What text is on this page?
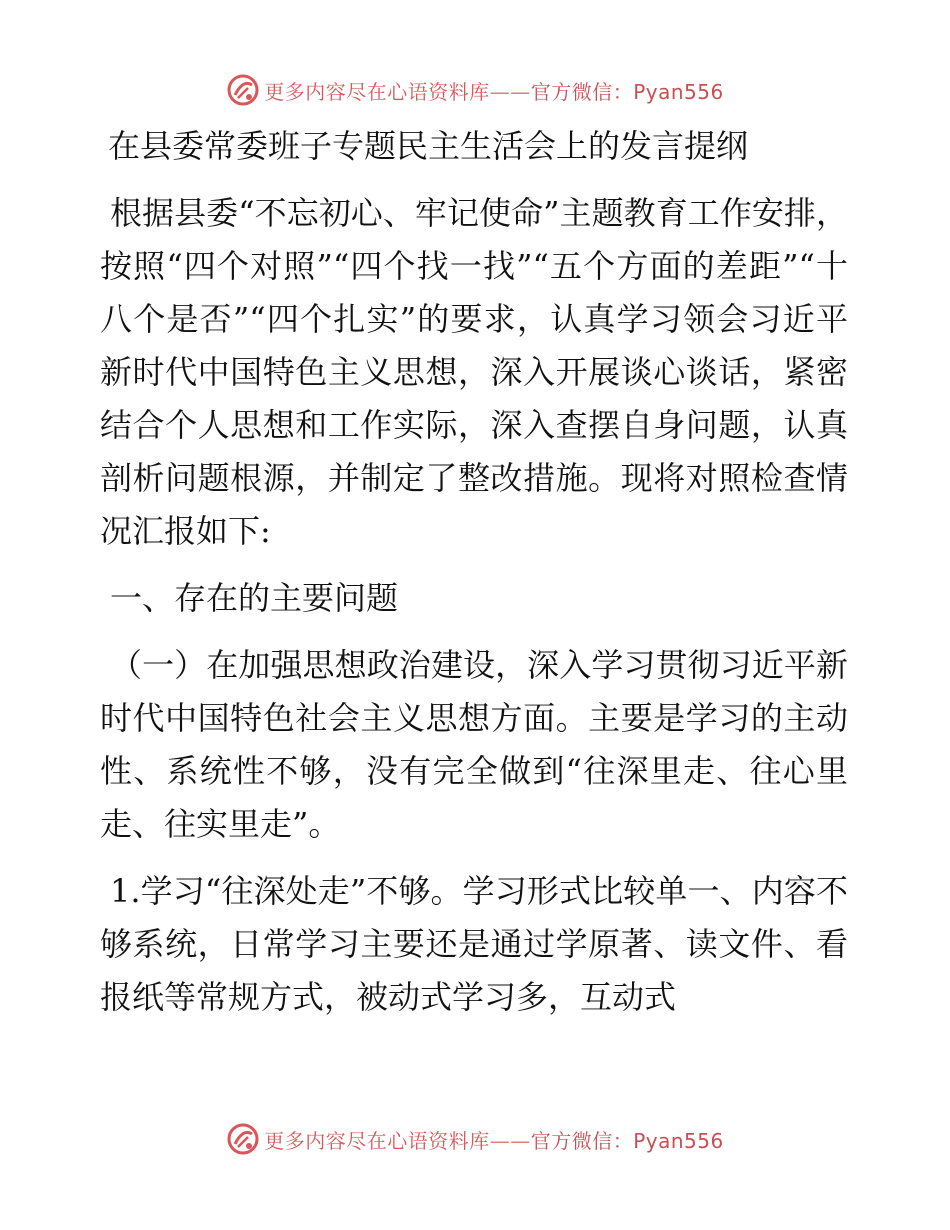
更多内容尽在心语资料库——官方微信：Pyan556
在县委常委班子专题民主生活会上的发言提纲

根据县委“不忘初心、牢记使命”主题教育工作安排，按照“四个对照”“四个找一找”“五个方面的差距”“十八个是否”“四个扎实”的要求，认真学习领会习近平新时代中国特色主义思想，深入开展谈心谈话，紧密结合个人思想和工作实际，深入查摆自身问题，认真剖析问题根源，并制定了整改措施。现将对照检查情况汇报如下:

一、存在的主要问题

（一）在加强思想政治建设，深入学习贯彻习近平新时代中国特色社会主义思想方面。主要是学习的主动性、系统性不够，没有完全做到“往深里走、往心里走、往实里走”。

1.学习“往深处走”不够。学习形式比较单一、内容不够系统，日常学习主要还是通过学原著、读文件、看报纸等常规方式，被动式学习多，互动式

更多内容尽在心语资料库——官方微信：Pyan556
